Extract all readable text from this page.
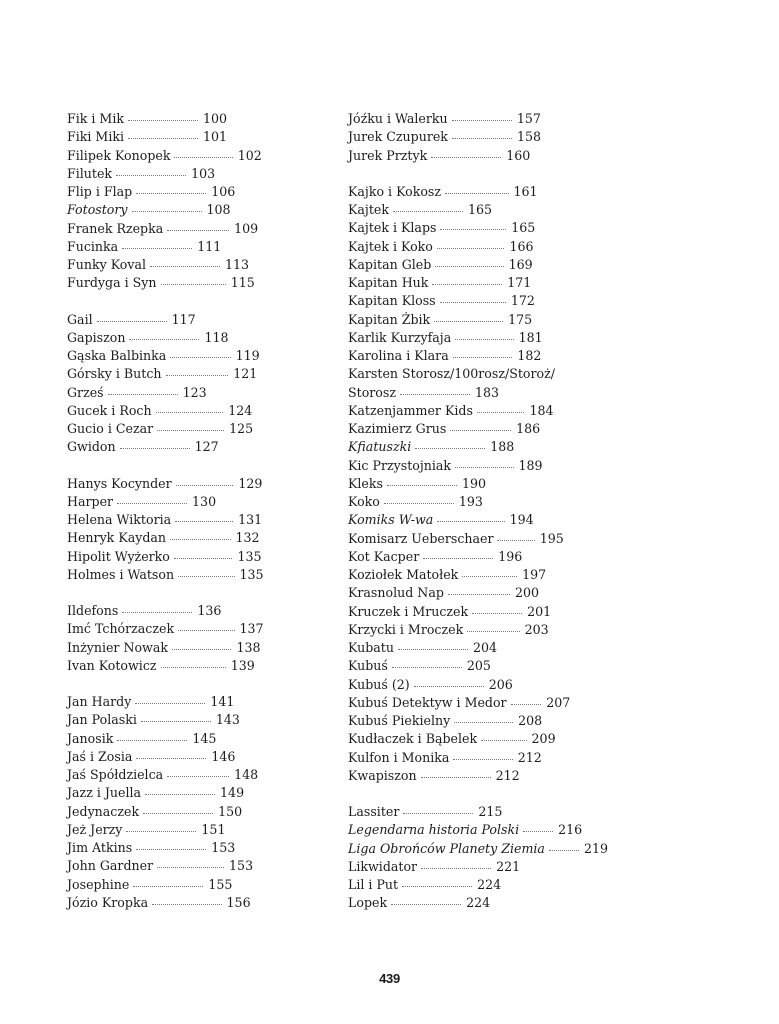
Fik i Mik	100
Fiki Miki	101
Filipek Konopek	102
Filutek	103
Flip i Flap	106
Fotostory	108
Franek Rzepka	109
Fucinka	111
Funky Koval	113
Furdyga i Syn	115
Gail	117
Gapiszon	118
Gąska Balbinka	119
Górsky i Butch	121
Grześ	123
Gucek i Roch	124
Gucio i Cezar	125
Gwidon	127
Hanys Kocynder	129
Harper	130
Helena Wiktoria	131
Henryk Kaydan	132
Hipolit Wyżerko	135
Holmes i Watson	135
Ildefons	136
Imć Tchórzaczek	137
Inżynier Nowak	138
Ivan Kotowicz	139
Jan Hardy	141
Jan Polaski	143
Janosik	145
Jaś i Zosia	146
Jaś Spółdzielca	148
Jazz i Juella	149
Jedynaczek	150
Jeż Jerzy	151
Jim Atkins	153
John Gardner	153
Josephine	155
Józio Kropka	156
Jóźku i Walerku	157
Jurek Czupurek	158
Jurek Prztyk	160
Kajko i Kokosz	161
Kajtek	165
Kajtek i Klaps	165
Kajtek i Koko	166
Kapitan Gleb	169
Kapitan Huk	171
Kapitan Kloss	172
Kapitan Żbik	175
Karlik Kurzyfaja	181
Karolina i Klara	182
Karsten Storosz/100rosz/Storoż/
Storosz	183
Katzenjammer Kids	184
Kazimierz Grus	186
Kfiatuszki	188
Kic Przystojniak	189
Kleks	190
Koko	193
Komiks W-wa	194
Komisarz Ueberschaer	195
Kot Kacper	196
Koziołek Matołek	197
Krasnolud Nap	200
Kruczek i Mruczek	201
Krzycki i Mroczek	203
Kubatu	204
Kubuś	205
Kubuś (2)	206
Kubuś Detektyw i Medor	207
Kubuś Piekielny	208
Kudłaczek i Bąbelek	209
Kulfon i Monika	212
Kwapiszon	212
Lassiter	215
Legendarna historia Polski	216
Liga Obrońców Planety Ziemia	219
Likwidator	221
Lil i Put	224
Lopek	224
439
